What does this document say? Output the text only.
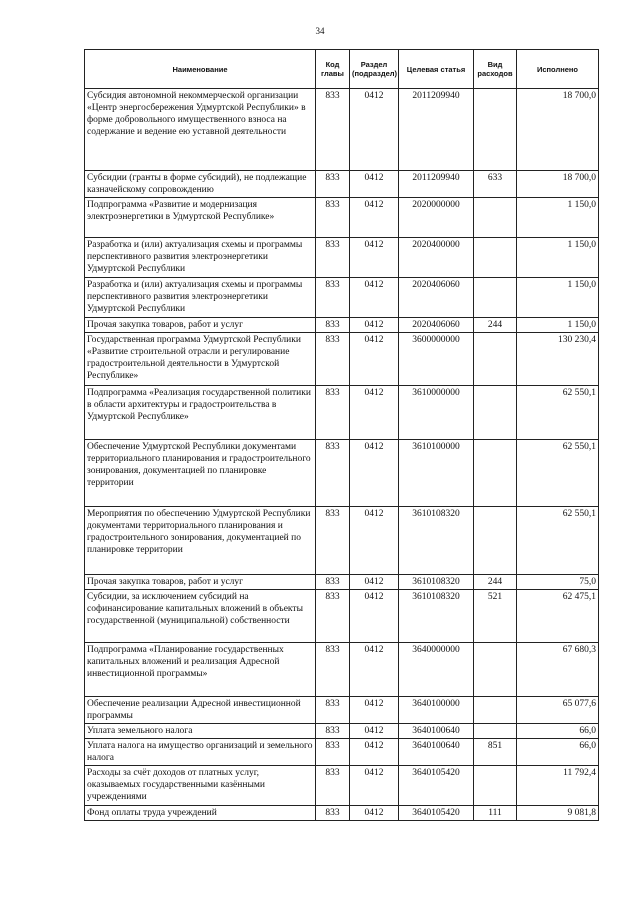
34
Наименование	Код главы	Раздел (подраздел)	Целевая статья	Вид расходов	Исполнено
Субсидия автономной некоммерческой организации «Центр энергосбережения Удмуртской Республики» в форме добровольного имущественного взноса на содержание и ведение ею уставной деятельности	833	0412	2011209940		18 700,0
Субсидии (гранты в форме субсидий), не подлежащие казначейскому сопровождению	833	0412	2011209940	633	18 700,0
Подпрограмма «Развитие и модернизация электроэнергетики в Удмуртской Республике»	833	0412	2020000000		1 150,0
Разработка и (или) актуализация схемы и программы перспективного развития электроэнергетики Удмуртской Республики	833	0412	2020400000		1 150,0
Разработка и (или) актуализация схемы и программы перспективного развития электроэнергетики Удмуртской Республики	833	0412	2020406060		1 150,0
Прочая закупка товаров, работ и услуг	833	0412	2020406060	244	1 150,0
Государственная программа Удмуртской Республики «Развитие строительной отрасли и регулирование градостроительной деятельности в Удмуртской Республике»	833	0412	3600000000		130 230,4
Подпрограмма «Реализация государственной политики в области архитектуры и градостроительства в Удмуртской Республике»	833	0412	3610000000		62 550,1
Обеспечение Удмуртской Республики документами территориального планирования и градостроительного зонирования, документацией по планировке территории	833	0412	3610100000		62 550,1
Мероприятия по обеспечению Удмуртской Республики документами территориального планирования и градостроительного зонирования, документацией по планировке территории	833	0412	3610108320		62 550,1
Прочая закупка товаров, работ и услуг	833	0412	3610108320	244	75,0
Субсидии, за исключением субсидий на софинансирование капитальных вложений в объекты государственной (муниципальной) собственности	833	0412	3610108320	521	62 475,1
Подпрограмма «Планирование государственных капитальных вложений и реализация Адресной инвестиционной программы»	833	0412	3640000000		67 680,3
Обеспечение реализации Адресной инвестиционной программы	833	0412	3640100000		65 077,6
Уплата земельного налога	833	0412	3640100640		66,0
Уплата налога на имущество организаций и земельного налога	833	0412	3640100640	851	66,0
Расходы за счёт доходов от платных услуг, оказываемых государственными казёнными учреждениями	833	0412	3640105420		11 792,4
Фонд оплаты труда учреждений	833	0412	3640105420	111	9 081,8
